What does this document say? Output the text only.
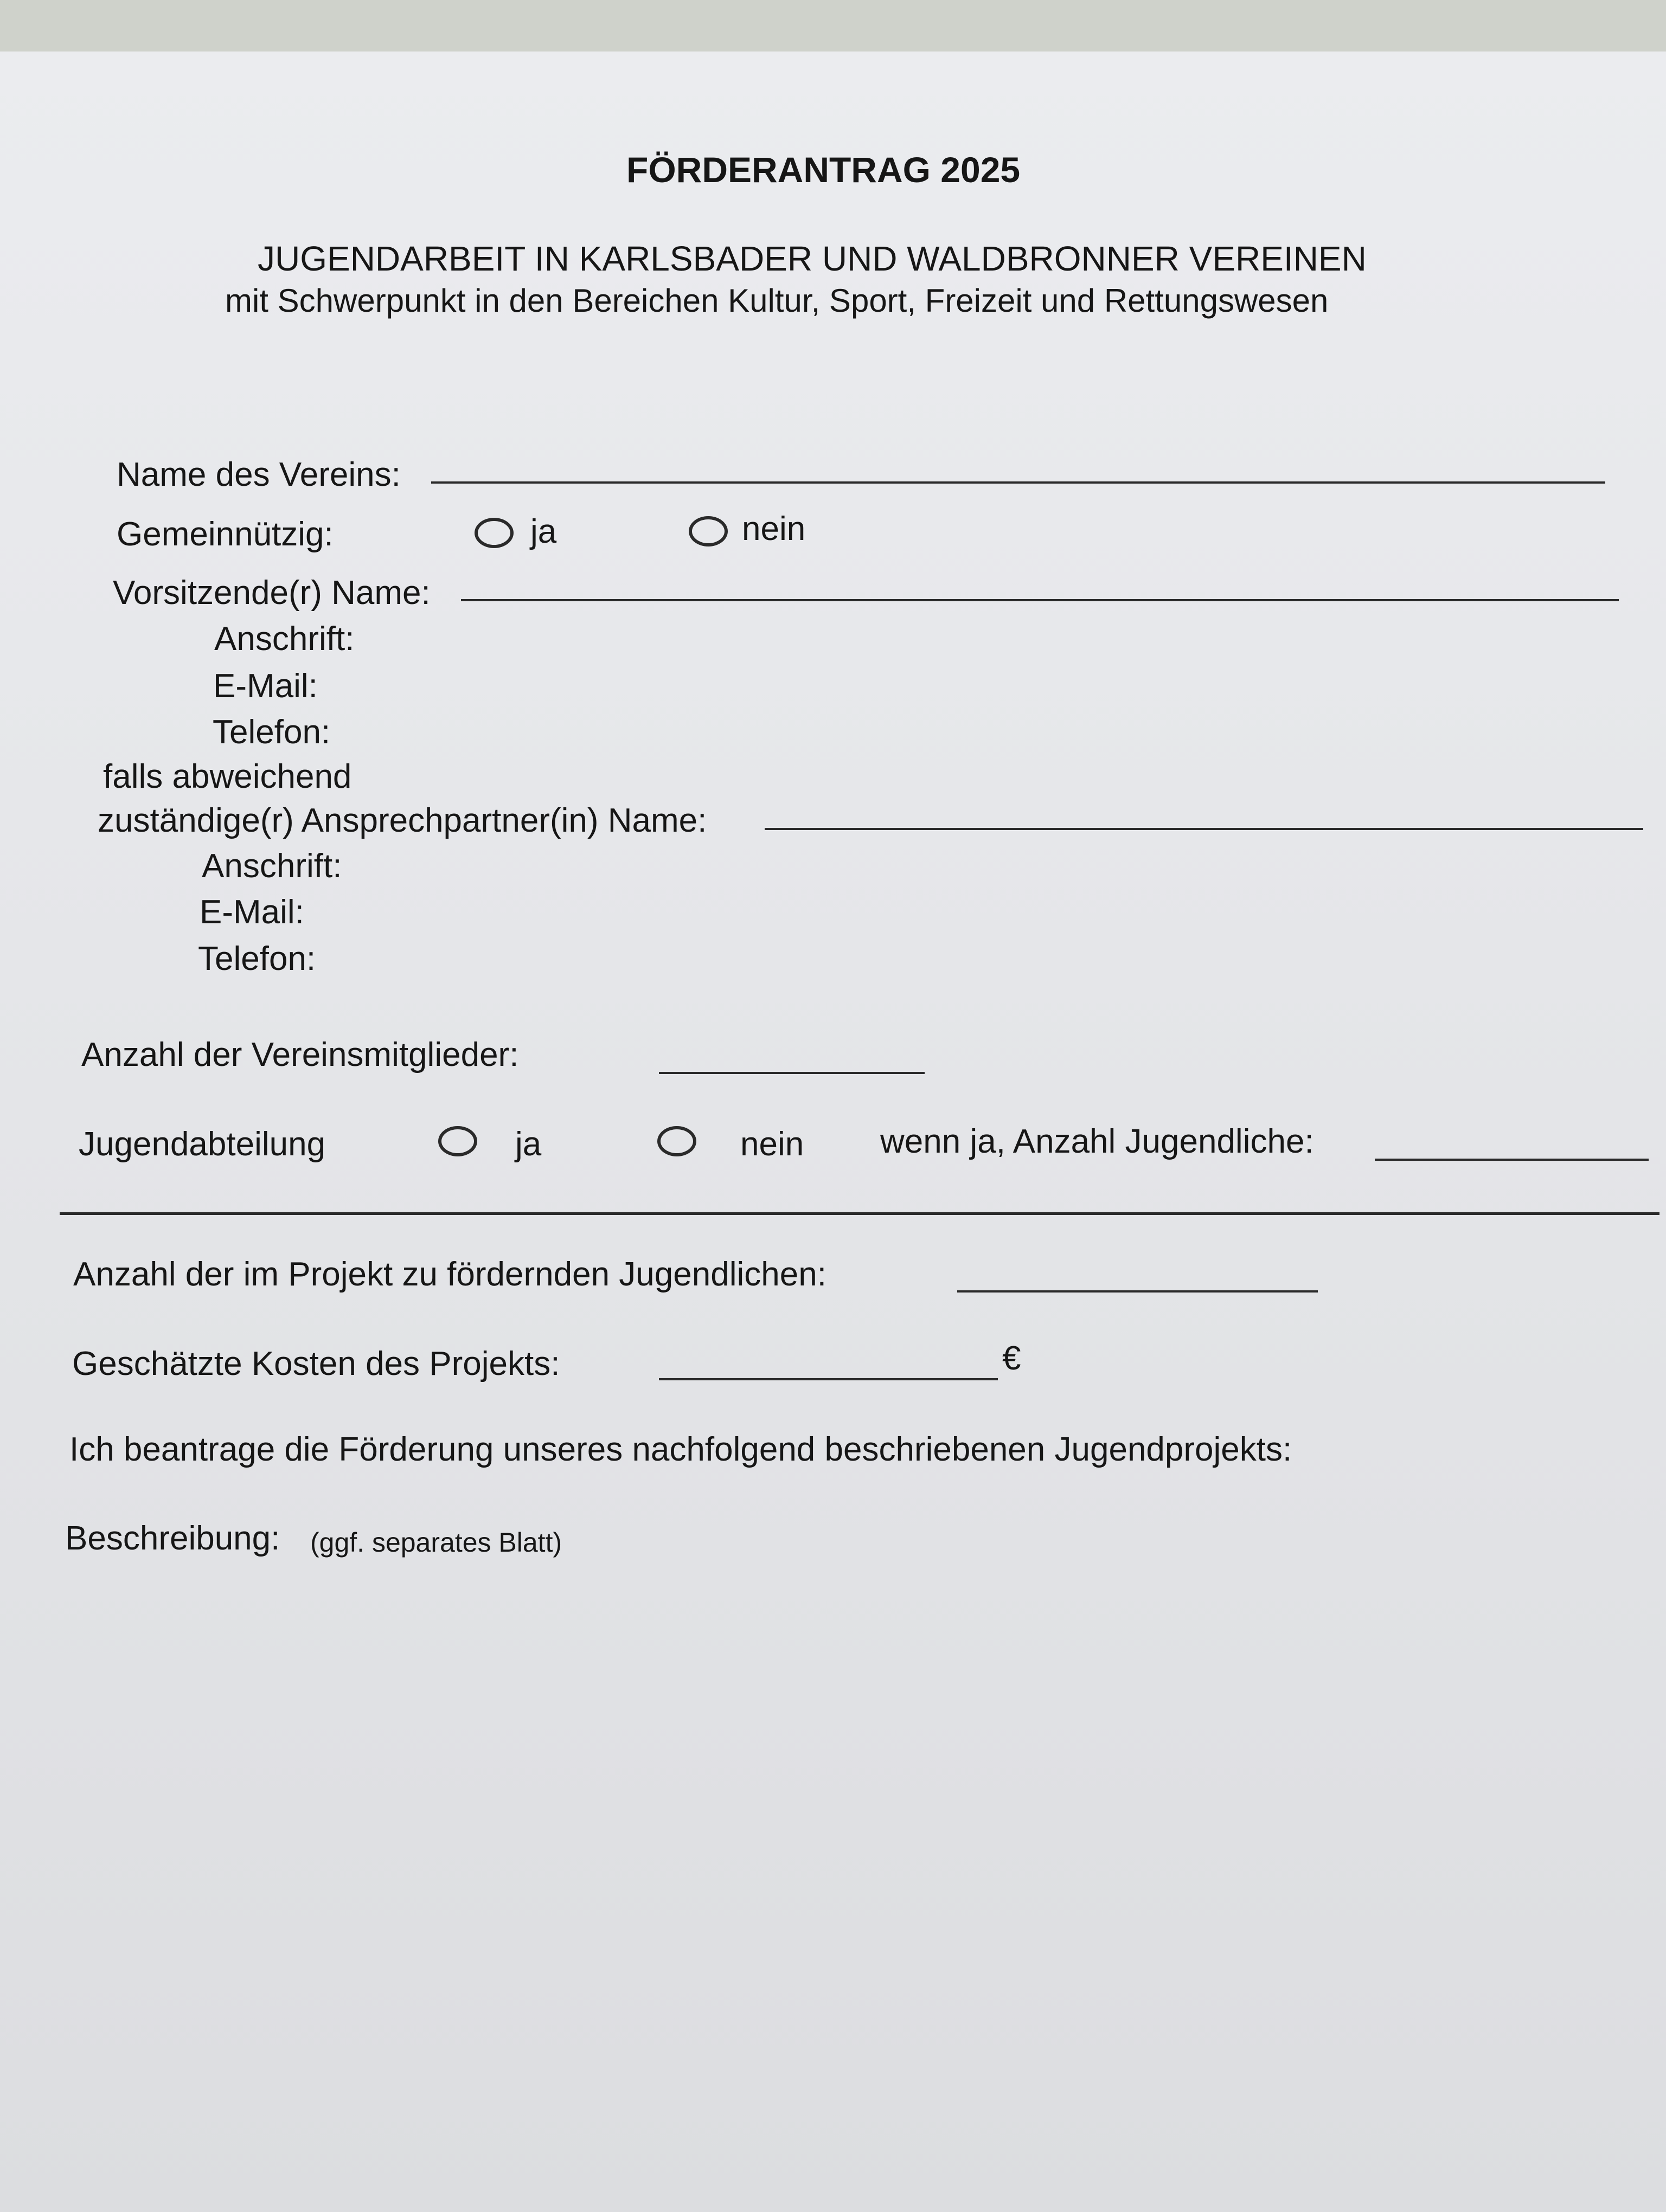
FÖRDERANTRAG 2025
JUGENDARBEIT IN KARLSBADER UND WALDBRONNER VEREINEN
mit Schwerpunkt in den Bereichen Kultur, Sport, Freizeit und Rettungswesen
Name des Vereins:
Gemeinnützig:	ja	nein
Vorsitzende(r) Name:
Anschrift:
E-Mail:
Telefon:
falls abweichend
zuständige(r) Ansprechpartner(in) Name:
Anschrift:
E-Mail:
Telefon:
Anzahl der Vereinsmitglieder:
Jugendabteilung	ja	nein wenn ja, Anzahl Jugendliche:
Anzahl der im Projekt zu fördernden Jugendlichen:
Geschätzte Kosten des Projekts:	€
Ich beantrage die Förderung unseres nachfolgend beschriebenen Jugendprojekts:
Beschreibung: (ggf. separates Blatt)
